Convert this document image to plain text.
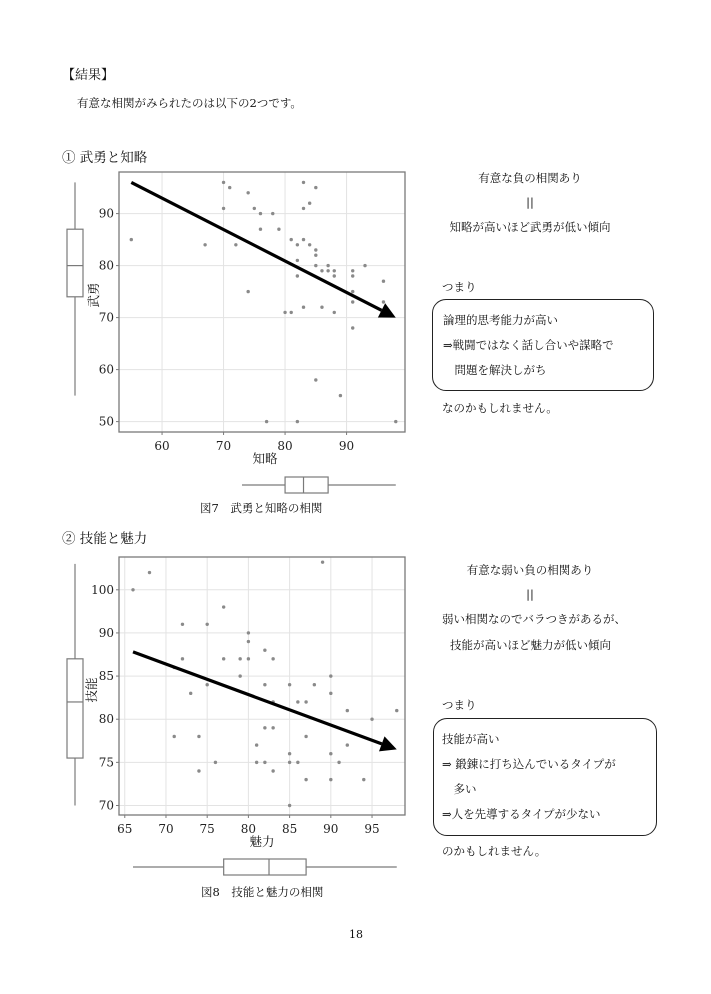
【結果】
有意な相関がみられたのは以下の2つです。
① 武勇と知略
60	70	80	90
50
60
70
80
90
知略
武勇
図7　武勇と知略の相関
有意な負の相関あり
||
知略が高いほど武勇が低い傾向
つまり
論理的思考能力が高い
⇒戦闘ではなく話し合いや謀略で
　問題を解決しがち
なのかもしれません。
② 技能と魅力
65 70 75 80 85 90 95
70
75
80
85
90
100
魅力
技能
図8　技能と魅力の相関
有意な弱い負の相関あり
||
弱い相関なのでバラつきがあるが、
技能が高いほど魅力が低い傾向
つまり
技能が高い
⇒ 鍛錬に打ち込んでいるタイプが
　多い
⇒人を先導するタイプが少ない
のかもしれません。
18
